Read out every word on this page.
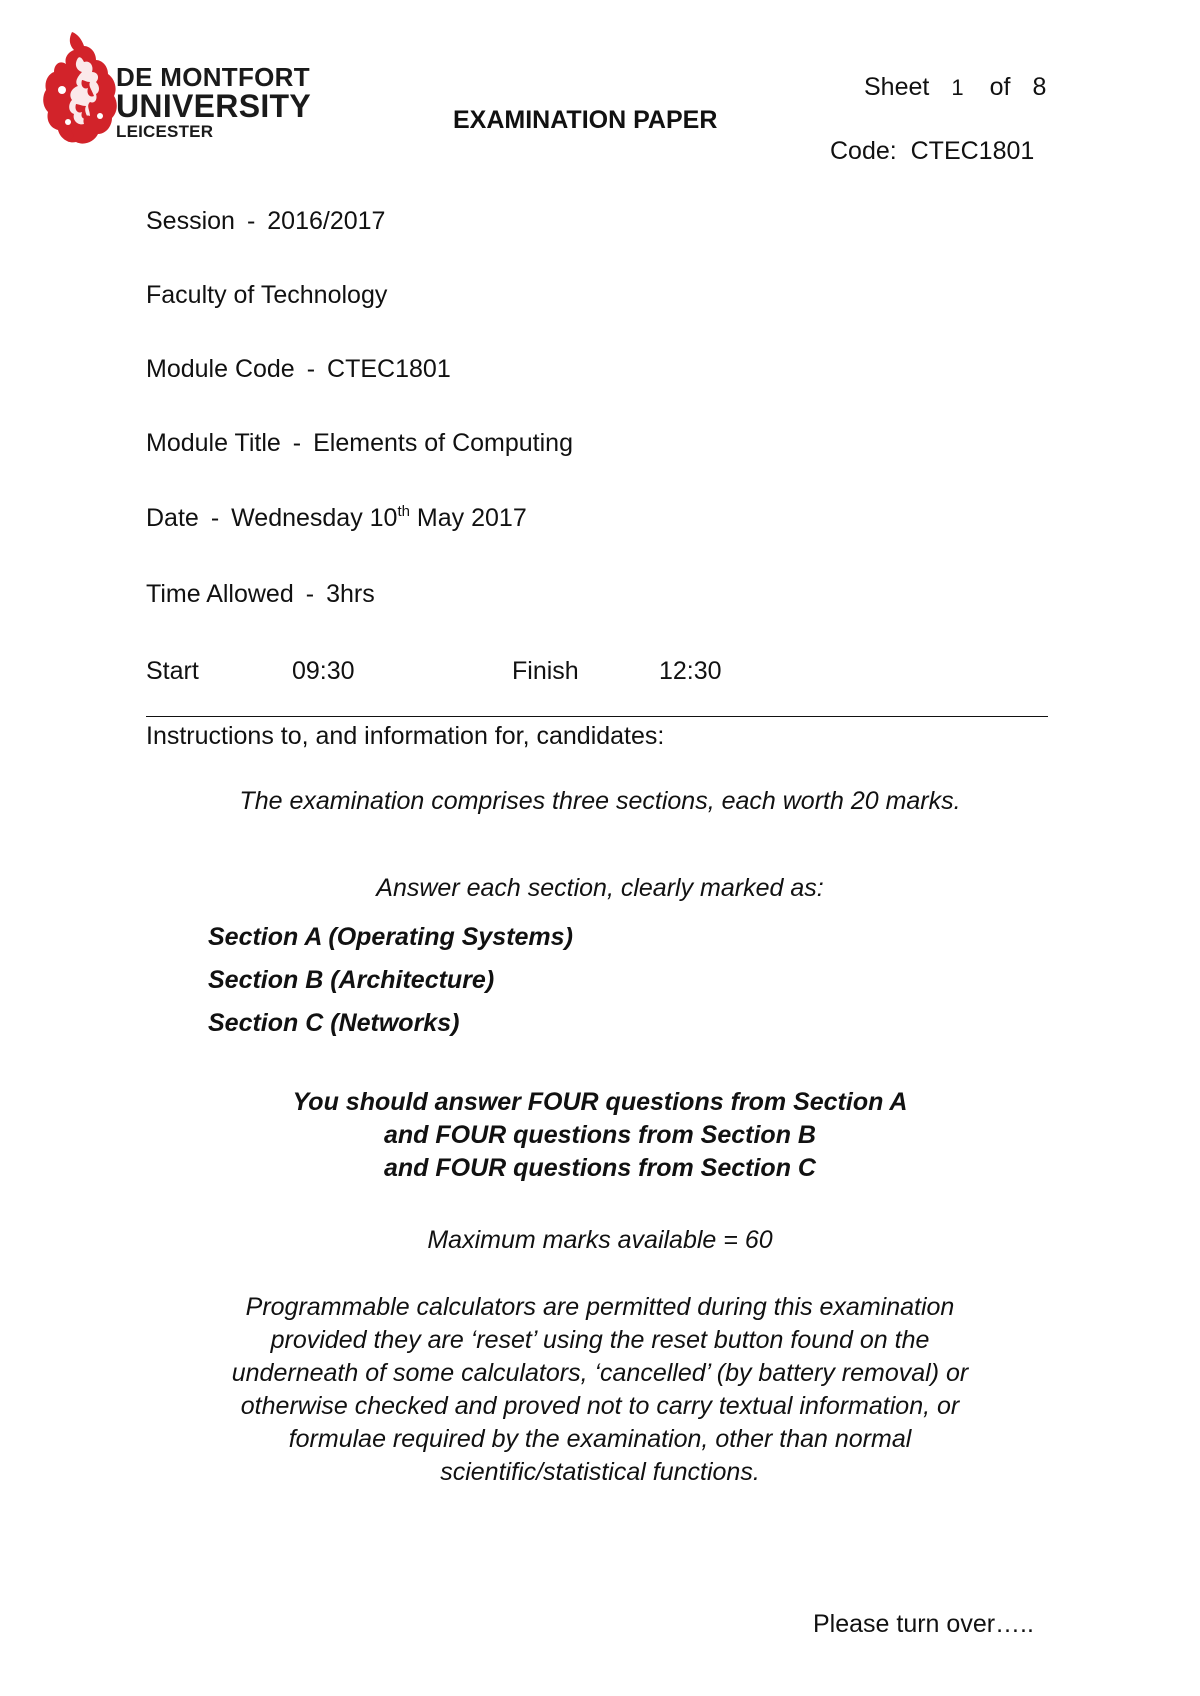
DE MONTFORT
UNIVERSITY
LEICESTER	EXAMINATION PAPER
Sheet 1 of 8
Code: CTEC1801
Session - 2016/2017
Faculty of Technology
Module Code - CTEC1801
Module Title - Elements of Computing
Date - Wednesday 10th May 2017
Time Allowed - 3hrs
Start	09:30	Finish	12:30
Instructions to, and information for, candidates:
The examination comprises three sections, each worth 20 marks.
Answer each section, clearly marked as:
Section A (Operating Systems)
Section B (Architecture)
Section C (Networks)
You should answer FOUR questions from Section A
and FOUR questions from Section B
and FOUR questions from Section C
Maximum marks available = 60
Programmable calculators are permitted during this examination
provided they are ‘reset’ using the reset button found on the
underneath of some calculators, ‘cancelled’ (by battery removal) or
otherwise checked and proved not to carry textual information, or
formulae required by the examination, other than normal
scientific/statistical functions.
Please turn over…..
